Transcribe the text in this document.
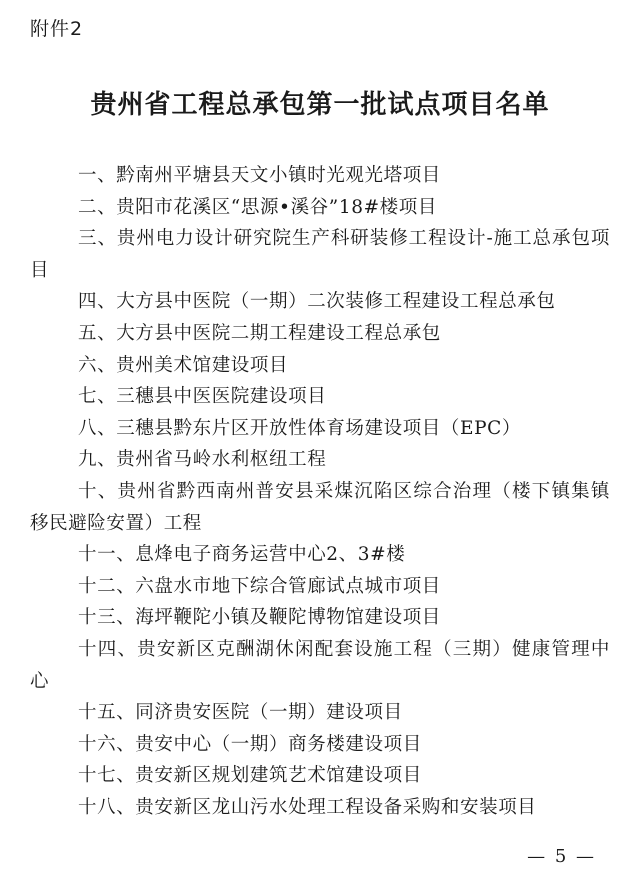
附件2
贵州省工程总承包第一批试点项目名单
一、黔南州平塘县天文小镇时光观光塔项目
二、贵阳市花溪区“思源•溪谷”18#楼项目
三、贵州电力设计研究院生产科研装修工程设计-施工总承包项目
四、大方县中医院（一期）二次装修工程建设工程总承包
五、大方县中医院二期工程建设工程总承包
六、贵州美术馆建设项目
七、三穗县中医医院建设项目
八、三穗县黔东片区开放性体育场建设项目（EPC）
九、贵州省马岭水利枢纽工程
十、贵州省黔西南州普安县采煤沉陷区综合治理（楼下镇集镇移民避险安置）工程
十一、息烽电子商务运营中心2、3#楼
十二、六盘水市地下综合管廊试点城市项目
十三、海坪鞭陀小镇及鞭陀博物馆建设项目
十四、贵安新区克酬湖休闲配套设施工程（三期）健康管理中心
十五、同济贵安医院（一期）建设项目
十六、贵安中心（一期）商务楼建设项目
十七、贵安新区规划建筑艺术馆建设项目
十八、贵安新区龙山污水处理工程设备采购和安装项目
— 5 —
